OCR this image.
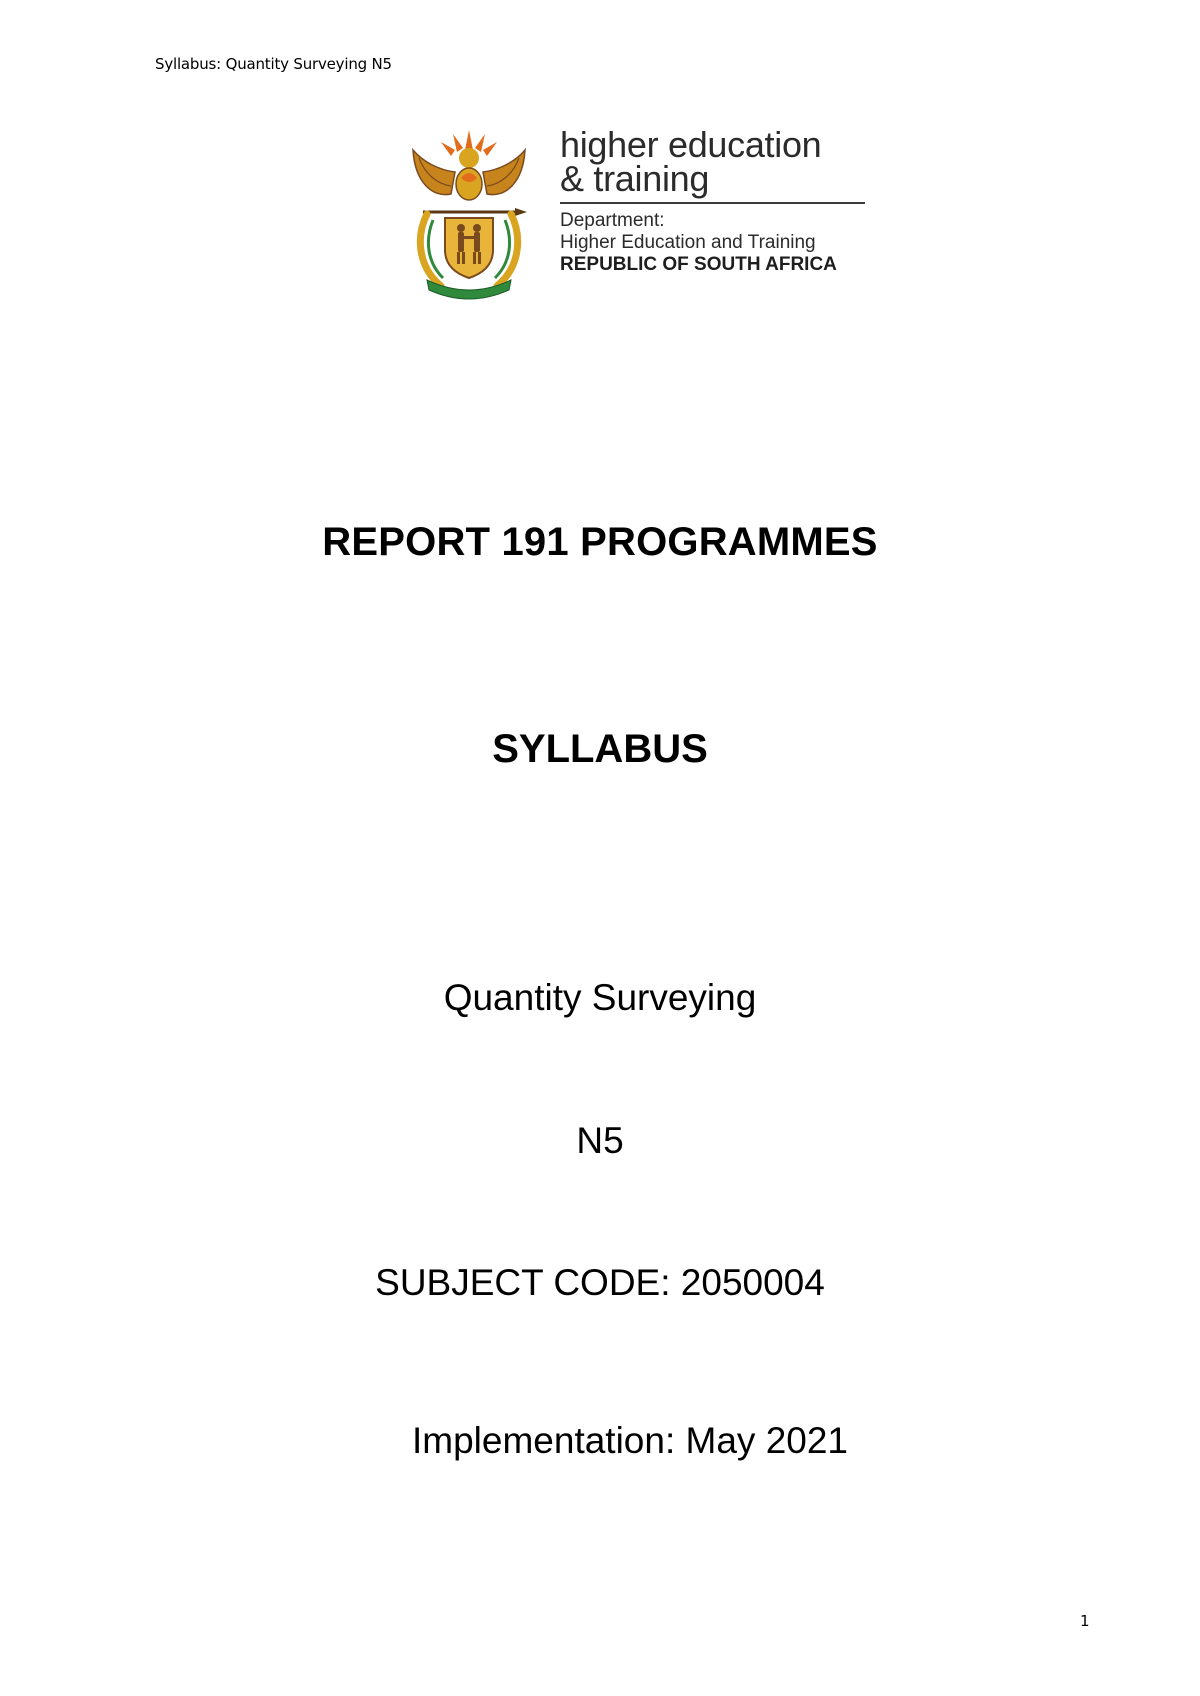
Syllabus: Quantity Surveying N5

higher education

& training

Department:

Higher Education and Training

REPUBLIC OF SOUTH AFRICA

REPORT 191 PROGRAMMES
SYLLABUS

Quantity Surveying

N5

SUBJECT CODE: 2050004

Implementation: May 2021

1
